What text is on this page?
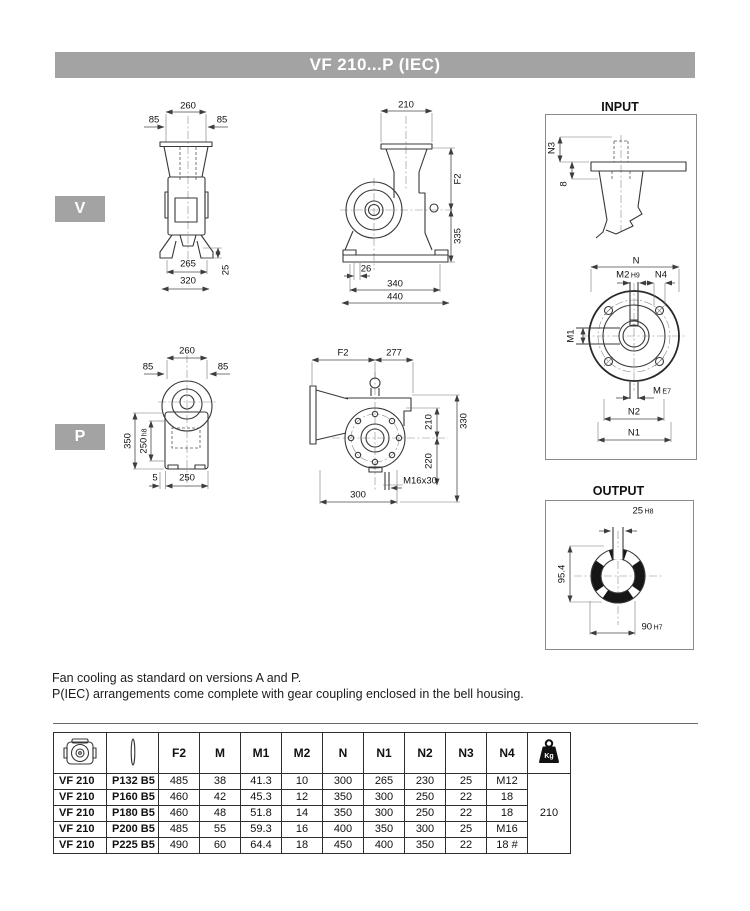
VF 210...P (IEC)
V
P
260
85	85
265
320
25
210
F2
335
26
340
440
260
85	85
350 250h8
5 250
F2	277
330
210
220
M16x30
300
INPUT
N3
8
N
M2 H9 N4
M1
M E7
N2
N1
OUTPUT
25 H8
95.4
90 H7
Fan cooling as standard on versions A and P.
P(IEC) arrangements come complete with gear coupling enclosed in the bell housing.
		F2	M	M1	M2	N	N1	N2	N3	N4	Kg

VF 210	P132 B5	485	38	41.3	10	300	265	230	25	M12	210
VF 210	P160 B5	460	42	45.3	12	350	300	250	22	18	
VF 210	P180 B5	460	48	51.8	14	350	300	250	22	18	
VF 210	P200 B5	485	55	59.3	16	400	350	300	25	M16	
VF 210	P225 B5	490	60	64.4	18	450	400	350	22	18 #	
